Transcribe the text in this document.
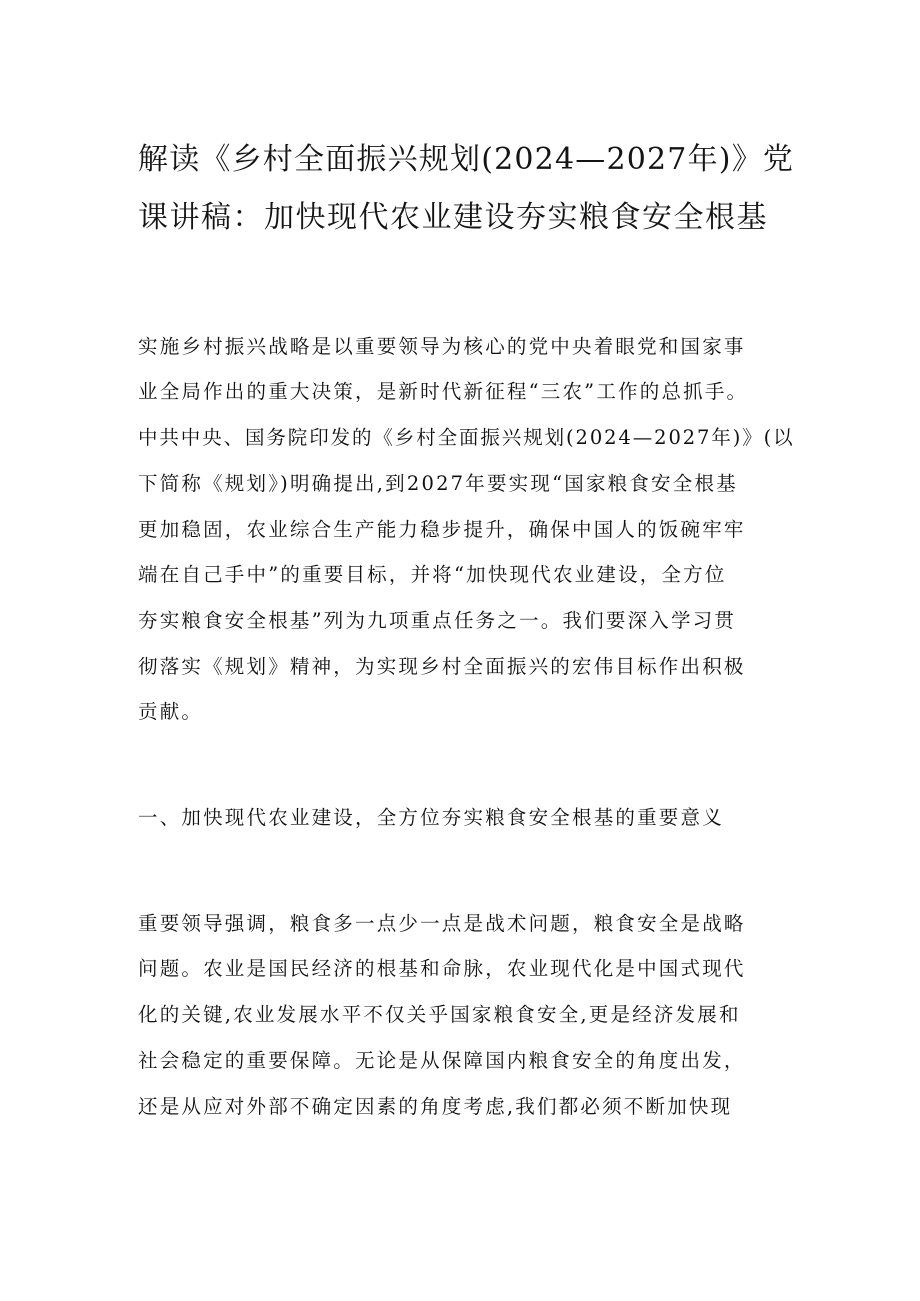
解读《乡村全面振兴规划(2024—2027年)》党
课讲稿：加快现代农业建设夯实粮食安全根基
实施乡村振兴战略是以重要领导为核心的党中央着眼党和国家事
业全局作出的重大决策，是新时代新征程“三农”工作的总抓手。
中共中央、国务院印发的《乡村全面振兴规划(2024—2027年)》(以
下简称《规划》)明确提出,到2027年要实现“国家粮食安全根基
更加稳固，农业综合生产能力稳步提升，确保中国人的饭碗牢牢
端在自己手中”的重要目标，并将“加快现代农业建设，全方位
夯实粮食安全根基”列为九项重点任务之一。我们要深入学习贯
彻落实《规划》精神，为实现乡村全面振兴的宏伟目标作出积极
贡献。
一、加快现代农业建设，全方位夯实粮食安全根基的重要意义
重要领导强调，粮食多一点少一点是战术问题，粮食安全是战略
问题。农业是国民经济的根基和命脉，农业现代化是中国式现代
化的关键,农业发展水平不仅关乎国家粮食安全,更是经济发展和
社会稳定的重要保障。无论是从保障国内粮食安全的角度出发，
还是从应对外部不确定因素的角度考虑,我们都必须不断加快现
